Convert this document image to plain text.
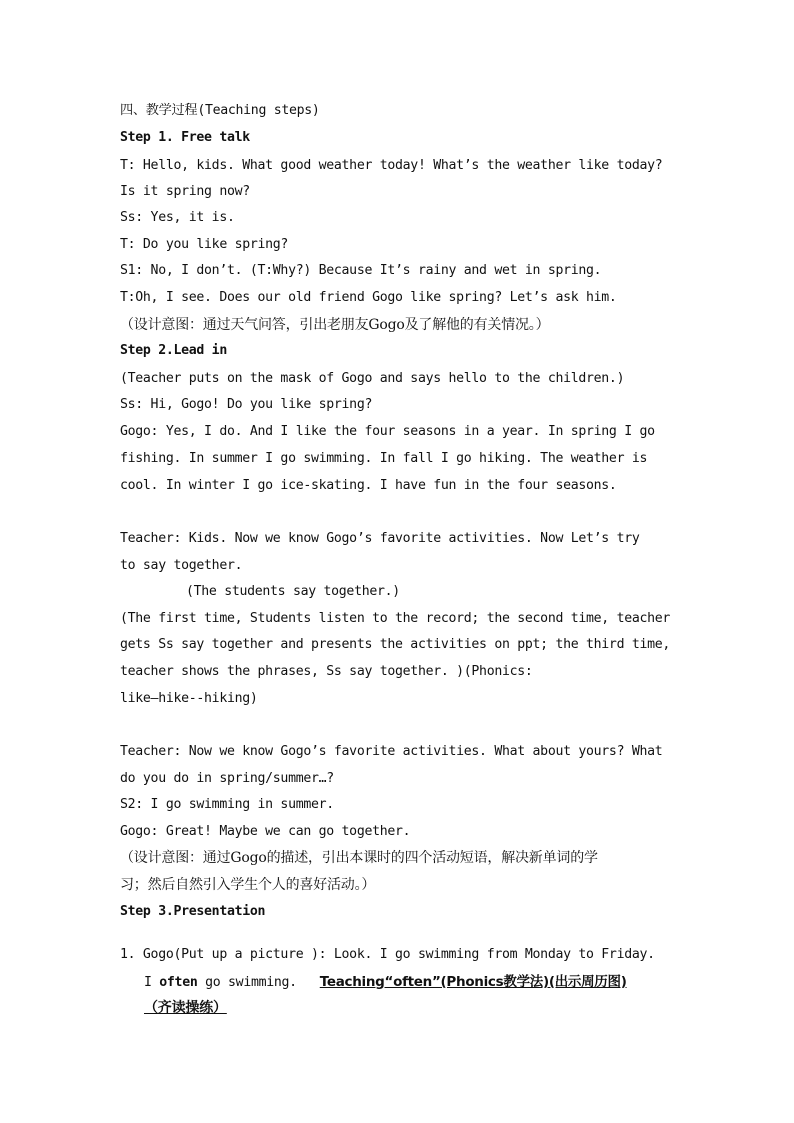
四、教学过程(Teaching steps)
Step 1. Free talk
T: Hello, kids. What good weather today! What’s the weather like today?
Is it spring now?
Ss: Yes, it is.
T: Do you like spring?
S1: No, I don’t. (T:Why?) Because It’s rainy and wet in spring.
T:Oh, I see. Does our old friend Gogo like spring? Let’s ask him.
（设计意图：通过天气问答，引出老朋友Gogo及了解他的有关情况。）
Step 2.Lead in
(Teacher puts on the mask of Gogo and says hello to the children.)
Ss: Hi, Gogo! Do you like spring?
Gogo: Yes, I do. And I like the four seasons in a year. In spring I go
fishing. In summer I go swimming. In fall I go hiking. The weather is
cool. In winter I go ice-skating. I have fun in the four seasons.
Teacher: Kids. Now we know Gogo’s favorite activities. Now Let’s try
to say together.
(The students say together.)
(The first time, Students listen to the record; the second time, teacher
gets Ss say together and presents the activities on ppt; the third time,
teacher shows the phrases, Ss say together. )(Phonics:
like—hike--hiking)
Teacher: Now we know Gogo’s favorite activities. What about yours? What
do you do in spring/summer…?
S2: I go swimming in summer.
Gogo: Great! Maybe we can go together.
（设计意图：通过Gogo的描述，引出本课时的四个活动短语，解决新单词的学
习；然后自然引入学生个人的喜好活动。）
Step 3.Presentation
1. Gogo(Put up a picture ): Look. I go swimming from Monday to Friday.
I often go swimming. Teaching“often”(Phonics教学法)(出示周历图)
（齐读操练）
